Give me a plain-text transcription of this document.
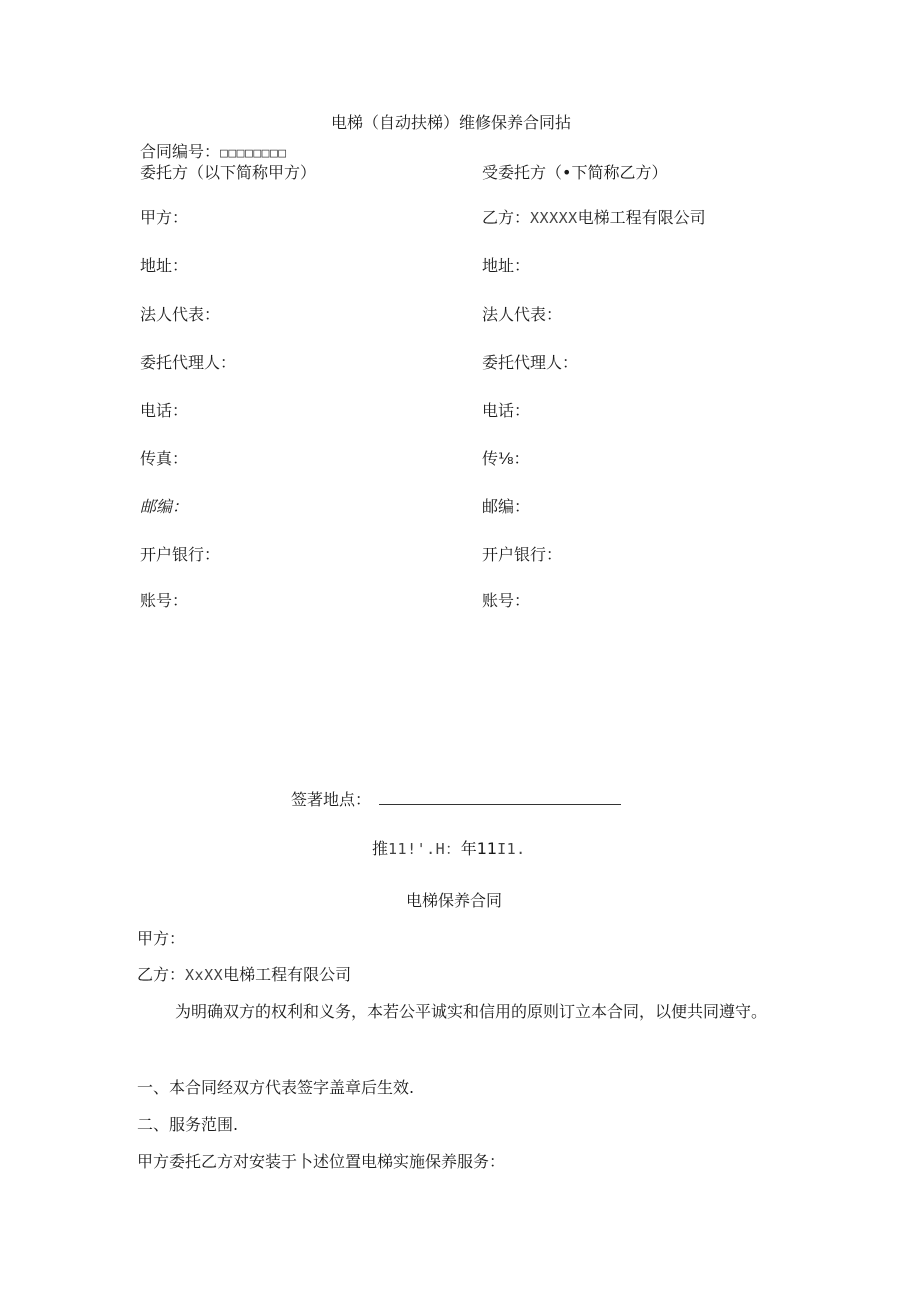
电梯（自动扶梯）维修保养合同拈
合同编号：□□□□□□□□
委托方（以下简称甲方）	受委托方（•下简称乙方）
甲方：
地址：
法人代表：
委托代理人：
电话：
传真：
邮编：
开户银行：
账号：
乙方：XXXXX电梯工程有限公司
地址：
法人代表：
委托代理人：
电话：
传⅛：
邮编：
开户银行：
账号：
签著地点：
推11!'.H：年11I1.
电梯保养合同
甲方：
乙方：XxXX电梯工程有限公司
为明确双方的权利和义务，本若公平诚实和信用的原则订立本合同，以便共同遵守。
一、本合同经双方代表签字盖章后生效.
二、服务范围.
甲方委托乙方对安装于卜述位置电梯实施保养服务：
